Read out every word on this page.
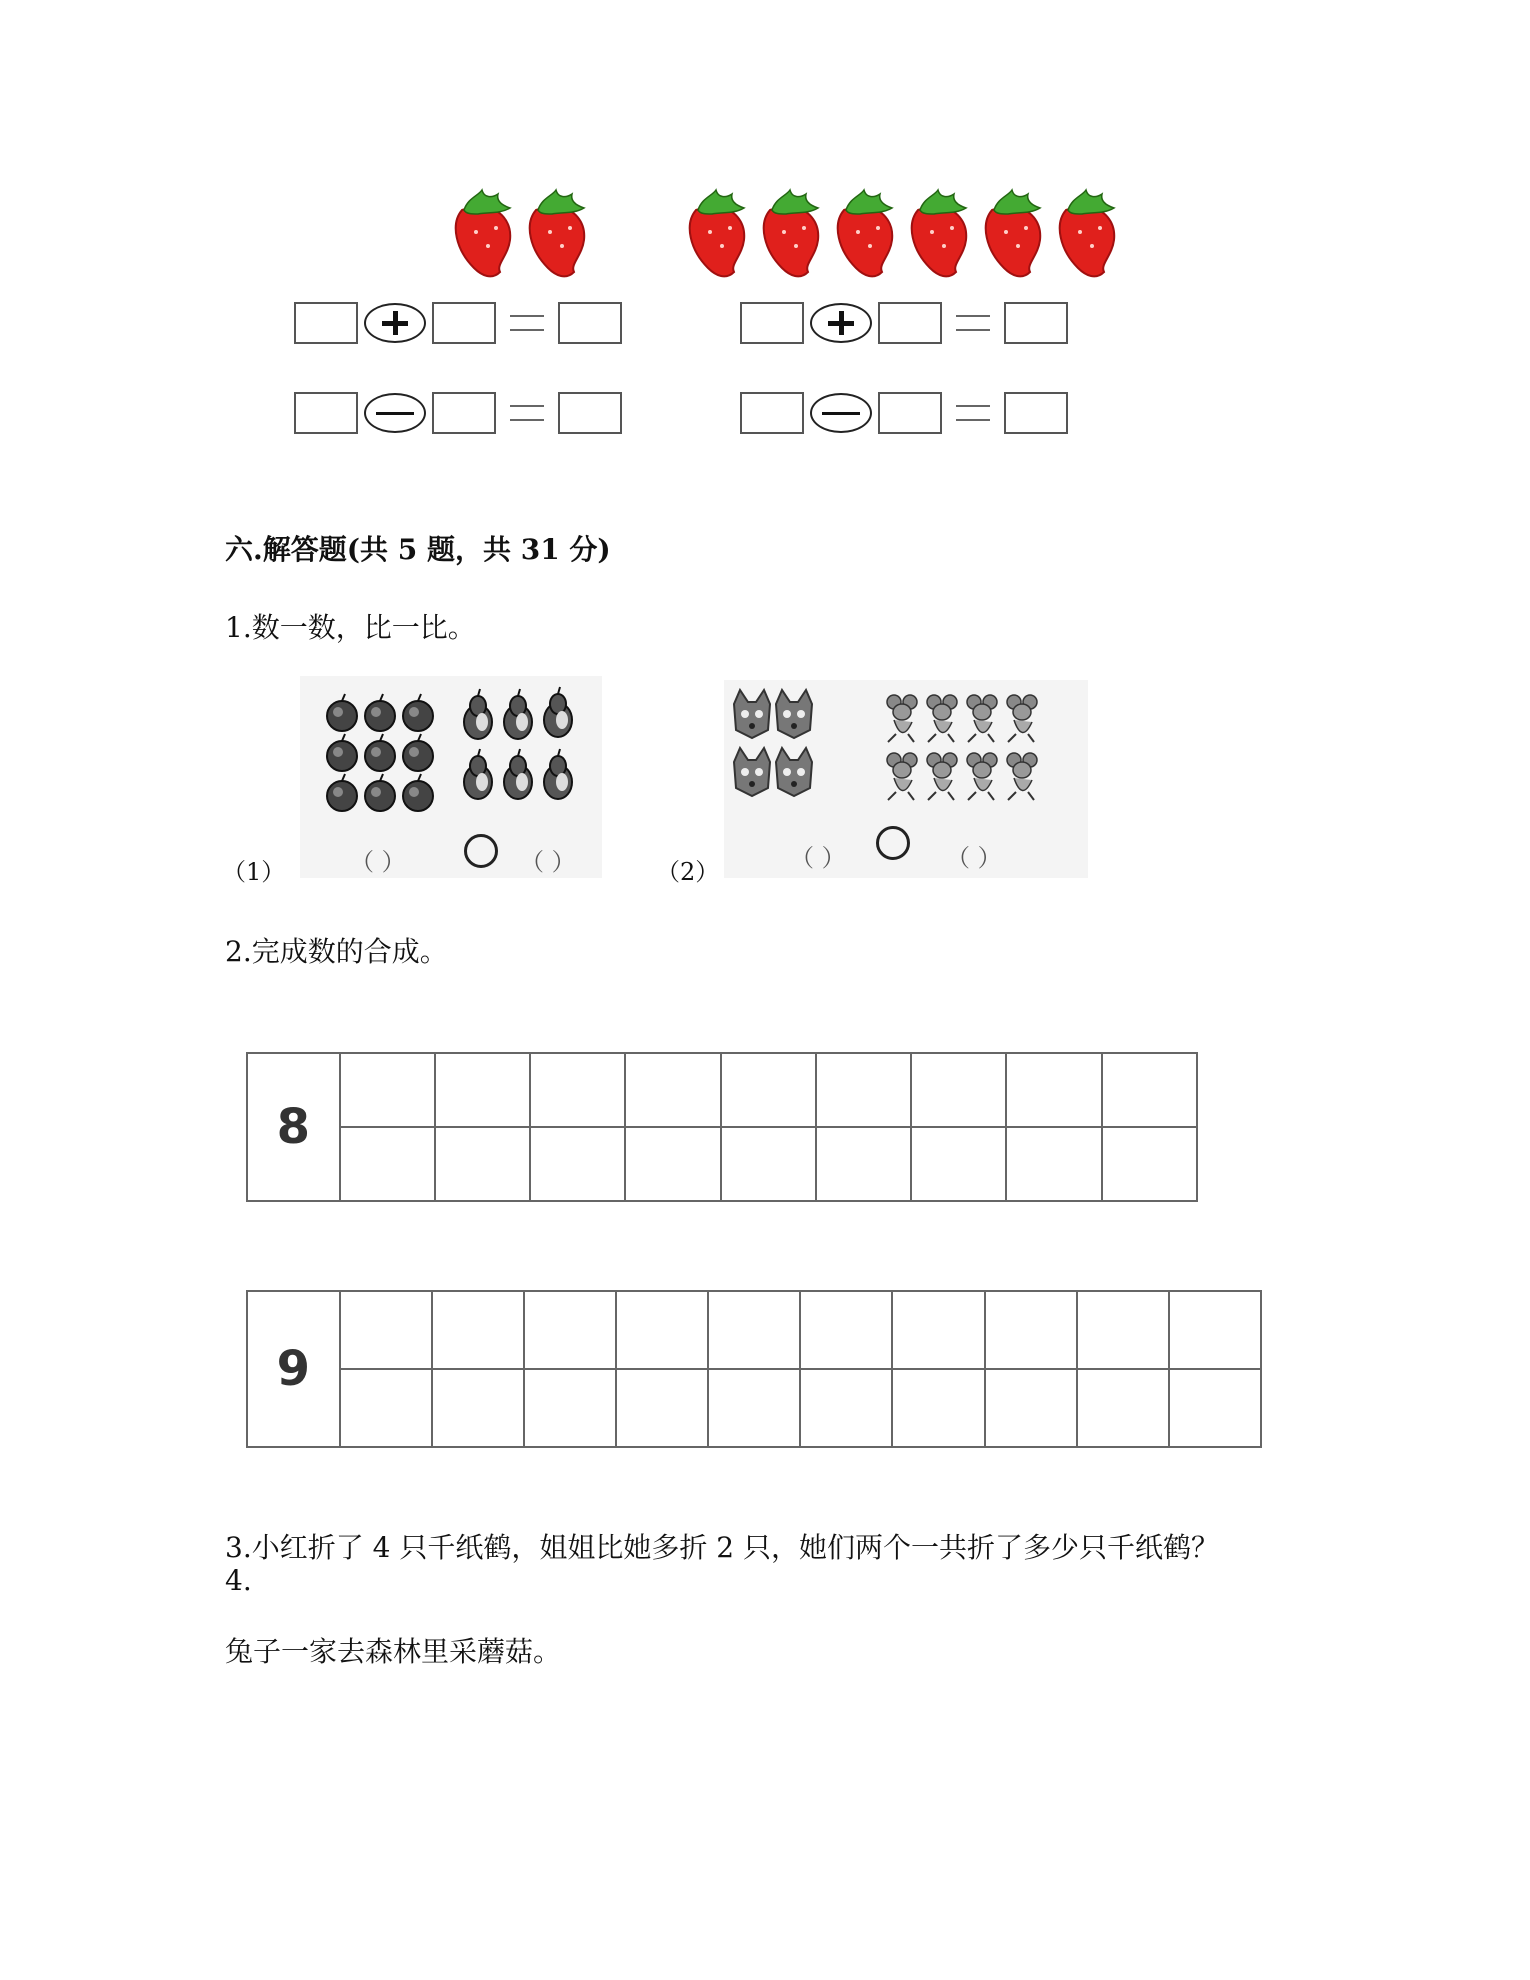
六.解答题(共 5 题，共 31 分)
1.数一数，比一比。
（1）	（ ）	（ ）	（2）	（ ）	（ ）
2.完成数的合成。
8									

9										

3.小红折了 4 只千纸鹤，姐姐比她多折 2 只，她们两个一共折了多少只千纸鹤？
4.
兔子一家去森林里采蘑菇。
